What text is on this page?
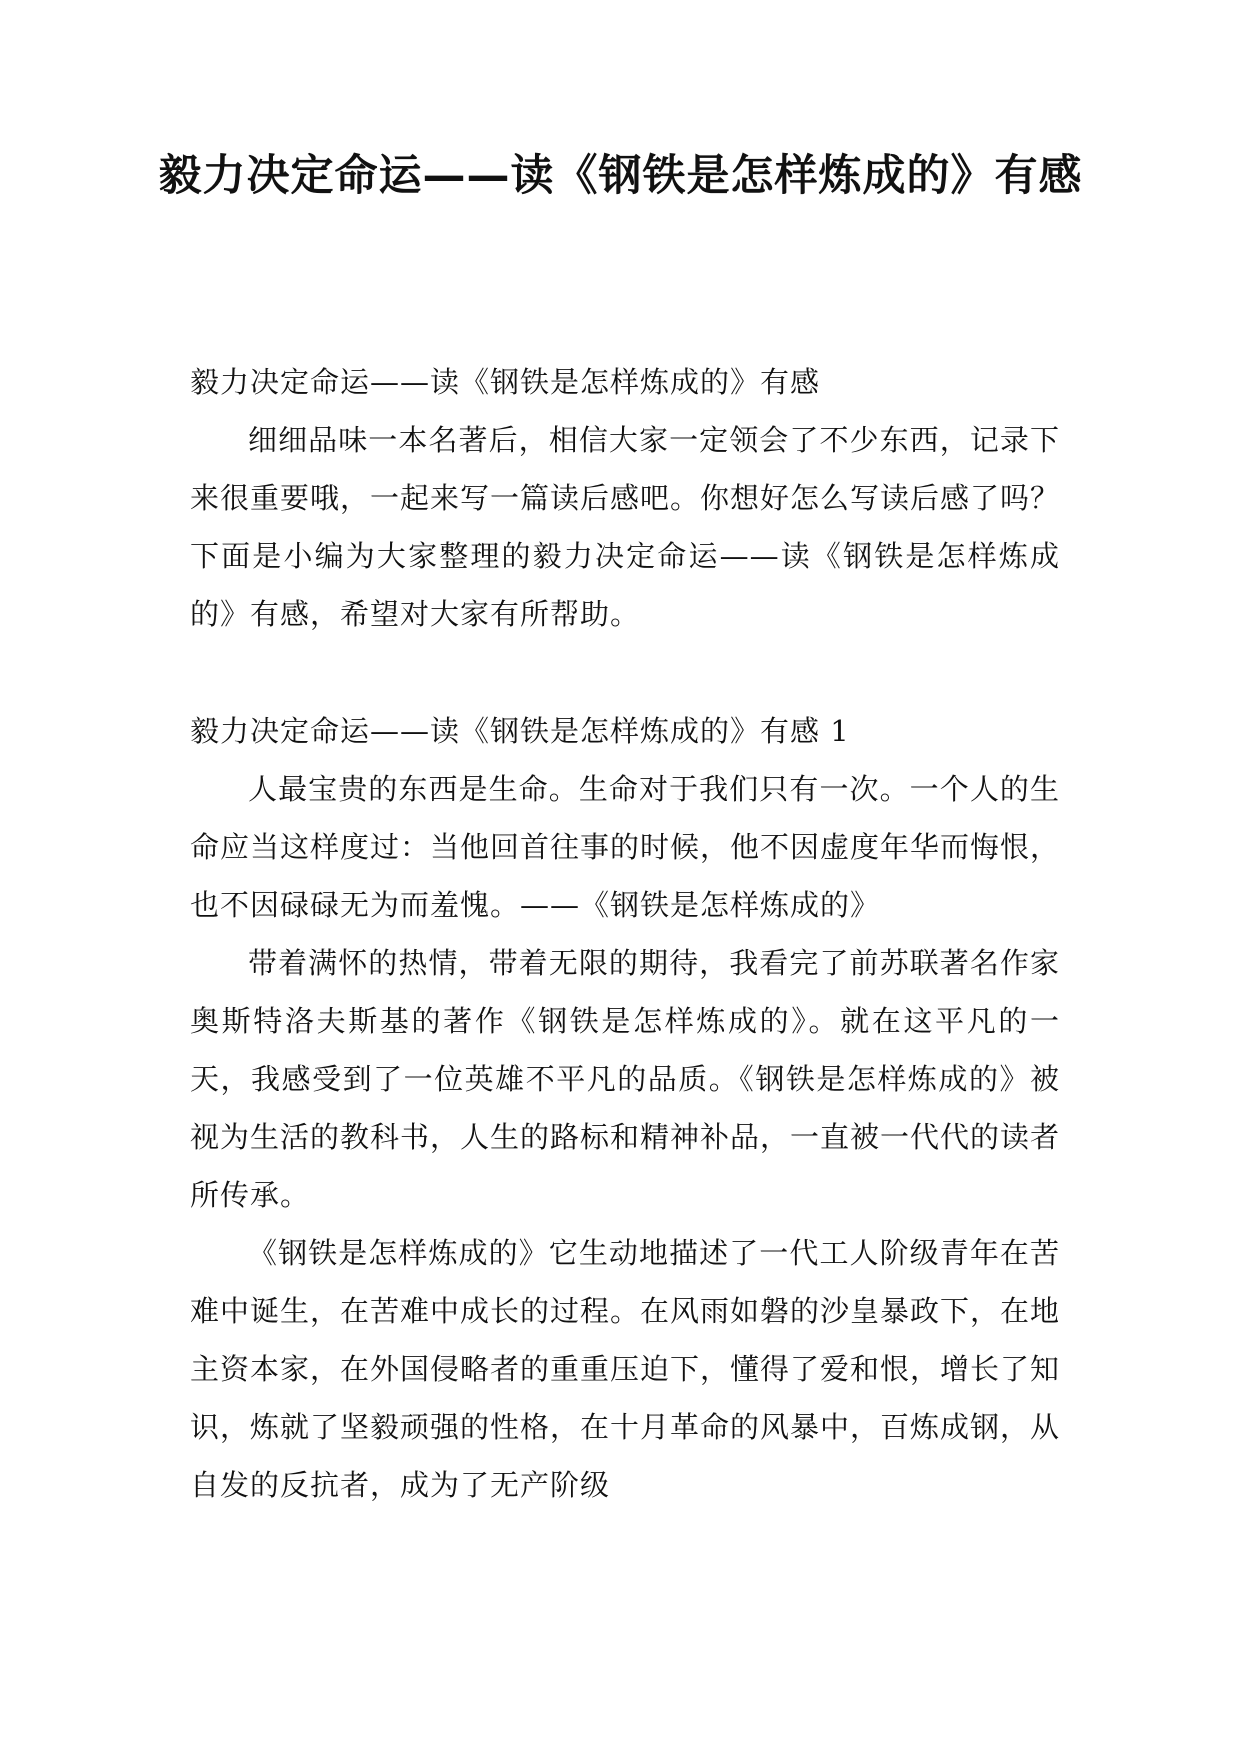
毅力决定命运——读《钢铁是怎样炼成的》有感

毅力决定命运——读《钢铁是怎样炼成的》有感

细细品味一本名著后，相信大家一定领会了不少东西，记录下来很重要哦，一起来写一篇读后感吧。你想好怎么写读后感了吗？下面是小编为大家整理的毅力决定命运——读《钢铁是怎样炼成的》有感，希望对大家有所帮助。

毅力决定命运——读《钢铁是怎样炼成的》有感 1

人最宝贵的东西是生命。生命对于我们只有一次。一个人的生命应当这样度过：当他回首往事的时候，他不因虚度年华而悔恨，也不因碌碌无为而羞愧。——《钢铁是怎样炼成的》

带着满怀的热情，带着无限的期待，我看完了前苏联著名作家奥斯特洛夫斯基的著作《钢铁是怎样炼成的》。就在这平凡的一天，我感受到了一位英雄不平凡的品质。《钢铁是怎样炼成的》被视为生活的教科书，人生的路标和精神补品，一直被一代代的读者所传承。

《钢铁是怎样炼成的》它生动地描述了一代工人阶级青年在苦难中诞生，在苦难中成长的过程。在风雨如磐的沙皇暴政下，在地主资本家，在外国侵略者的重重压迫下，懂得了爱和恨，增长了知识，炼就了坚毅顽强的性格，在十月革命的风暴中，百炼成钢，从自发的反抗者，成为了无产阶级
